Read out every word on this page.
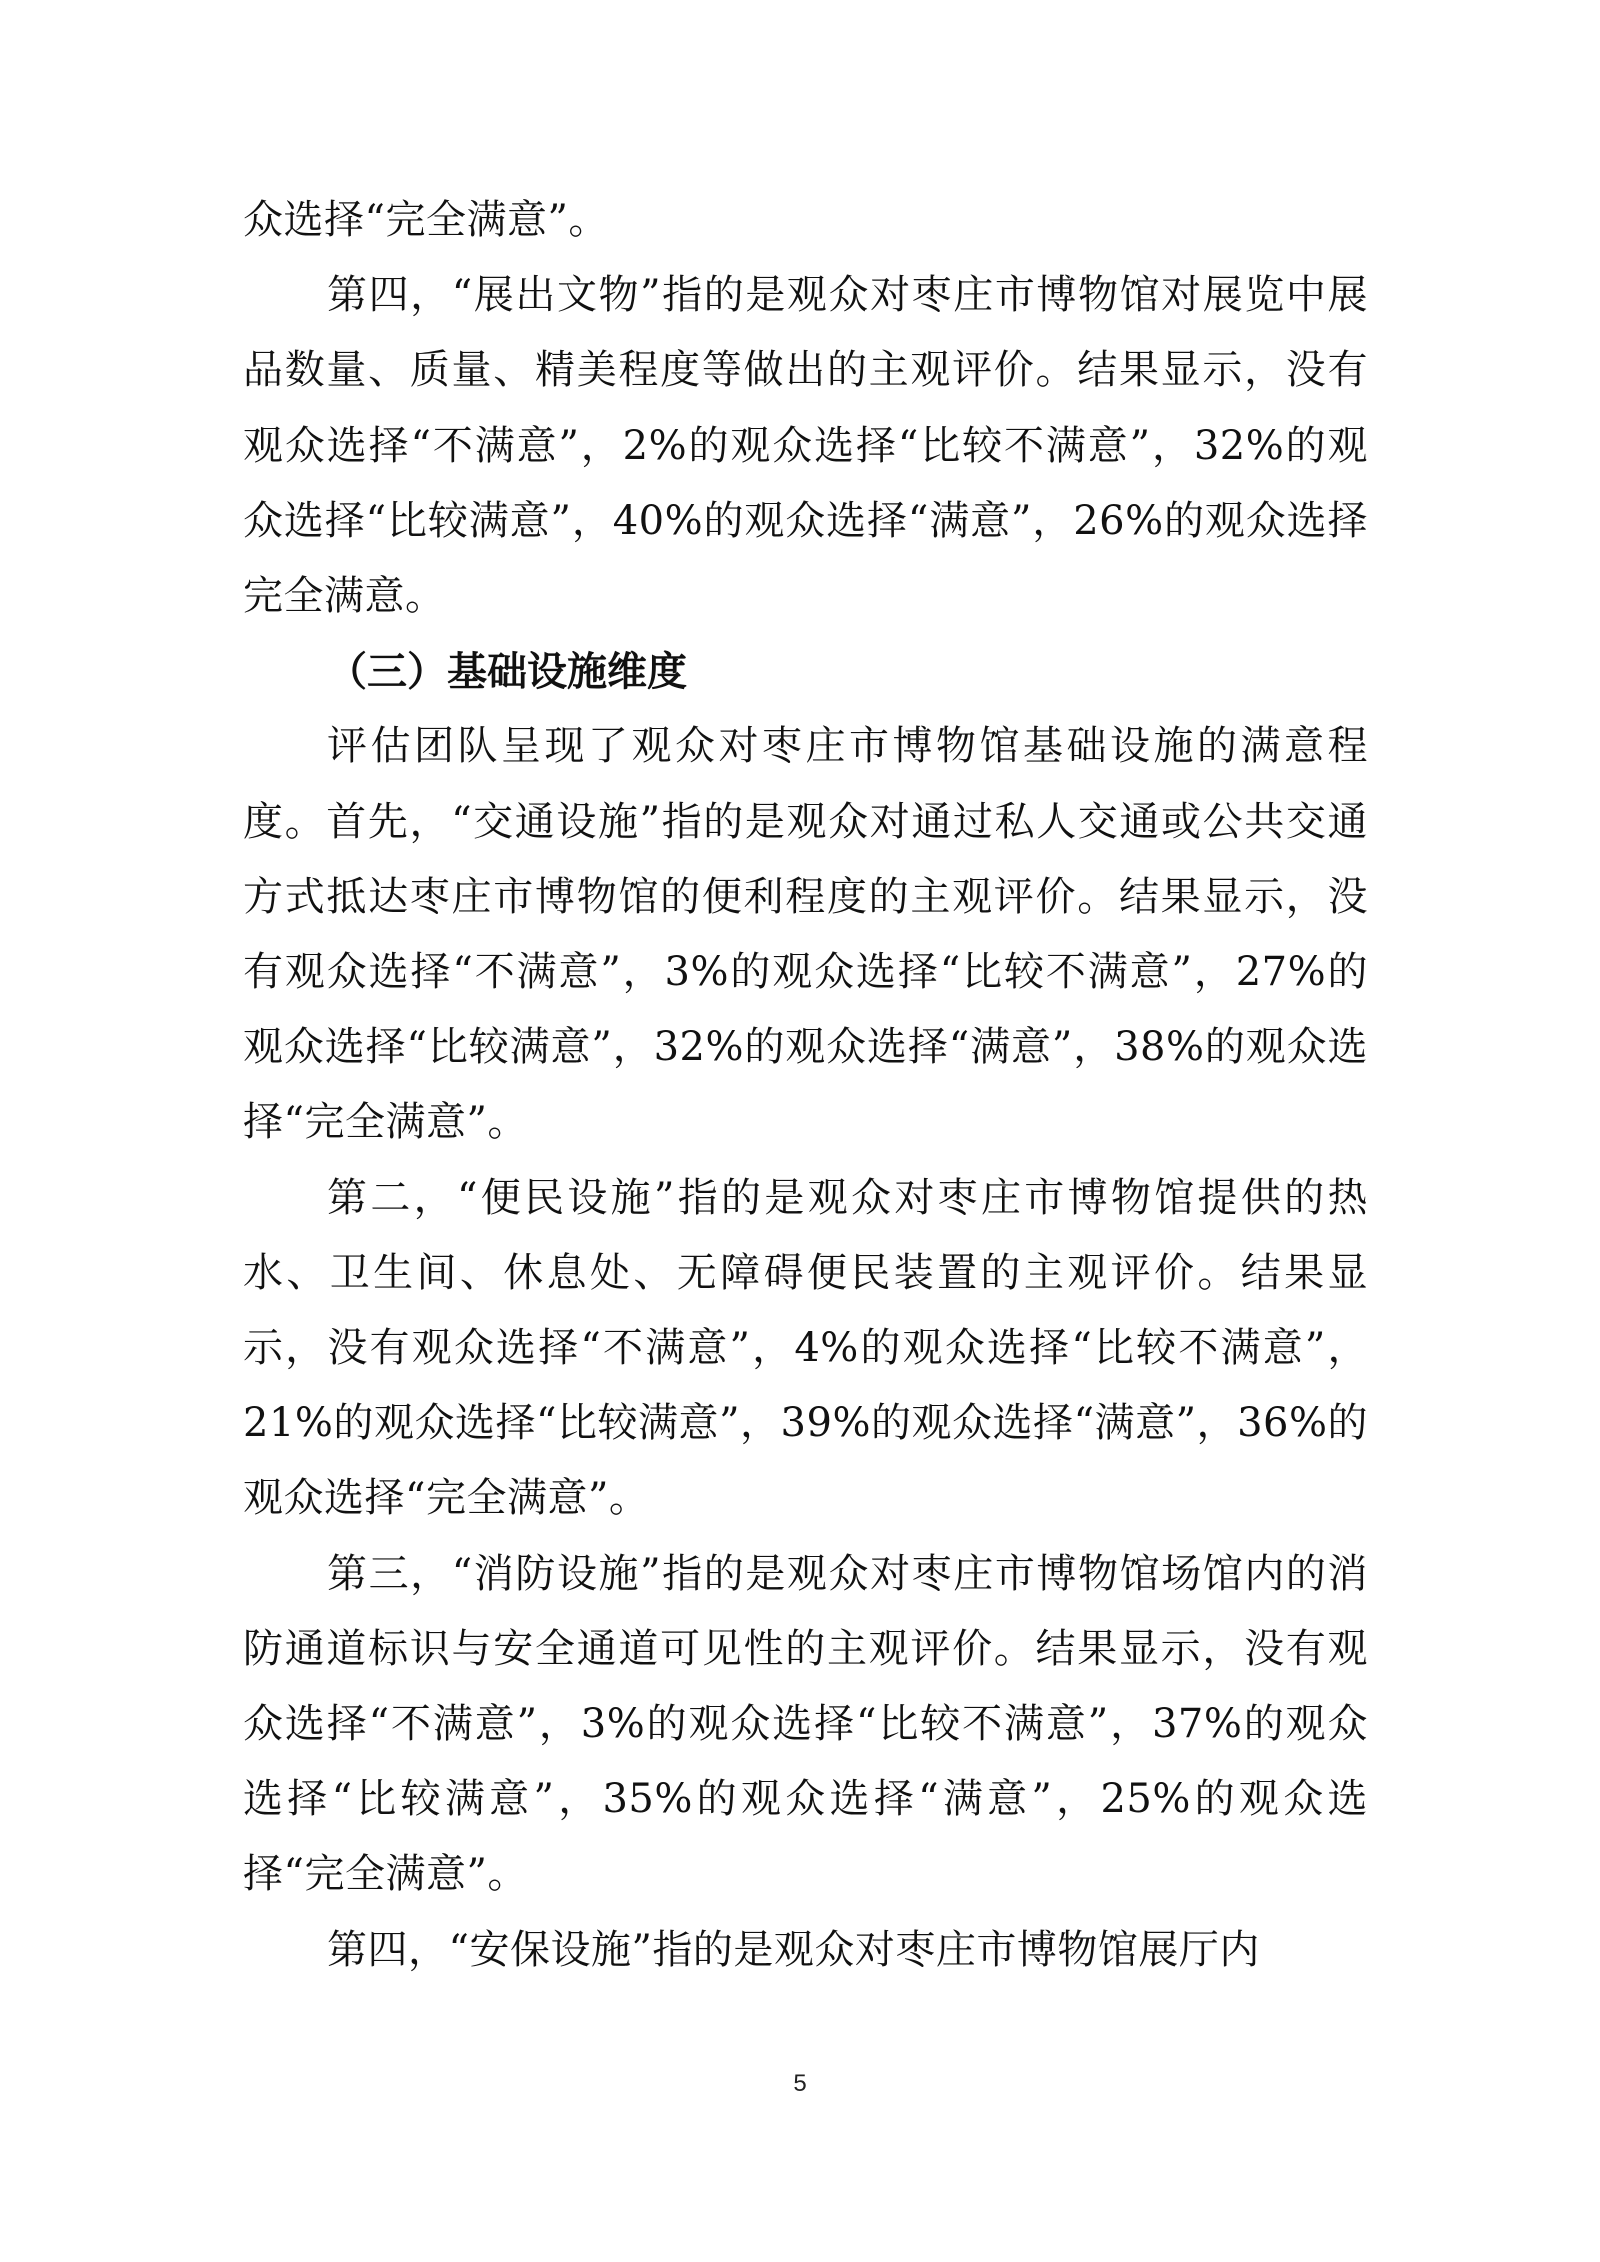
众选择“完全满意”。

第四，“展出文物”指的是观众对枣庄市博物馆对展览中展品数量、质量、精美程度等做出的主观评价。结果显示，没有观众选择“不满意”，2%的观众选择“比较不满意”，32%的观众选择“比较满意”，40%的观众选择“满意”，26%的观众选择完全满意。

（三）基础设施维度

评估团队呈现了观众对枣庄市博物馆基础设施的满意程度。首先，“交通设施”指的是观众对通过私人交通或公共交通方式抵达枣庄市博物馆的便利程度的主观评价。结果显示，没有观众选择“不满意”，3%的观众选择“比较不满意”，27%的观众选择“比较满意”，32%的观众选择“满意”，38%的观众选择“完全满意”。

第二，“便民设施”指的是观众对枣庄市博物馆提供的热水、卫生间、休息处、无障碍便民装置的主观评价。结果显示，没有观众选择“不满意”，4%的观众选择“比较不满意”，21%的观众选择“比较满意”，39%的观众选择“满意”，36%的观众选择“完全满意”。

第三，“消防设施”指的是观众对枣庄市博物馆场馆内的消防通道标识与安全通道可见性的主观评价。结果显示，没有观众选择“不满意”，3%的观众选择“比较不满意”，37%的观众选择“比较满意”，35%的观众选择“满意”，25%的观众选择“完全满意”。

第四，“安保设施”指的是观众对枣庄市博物馆展厅内

5
